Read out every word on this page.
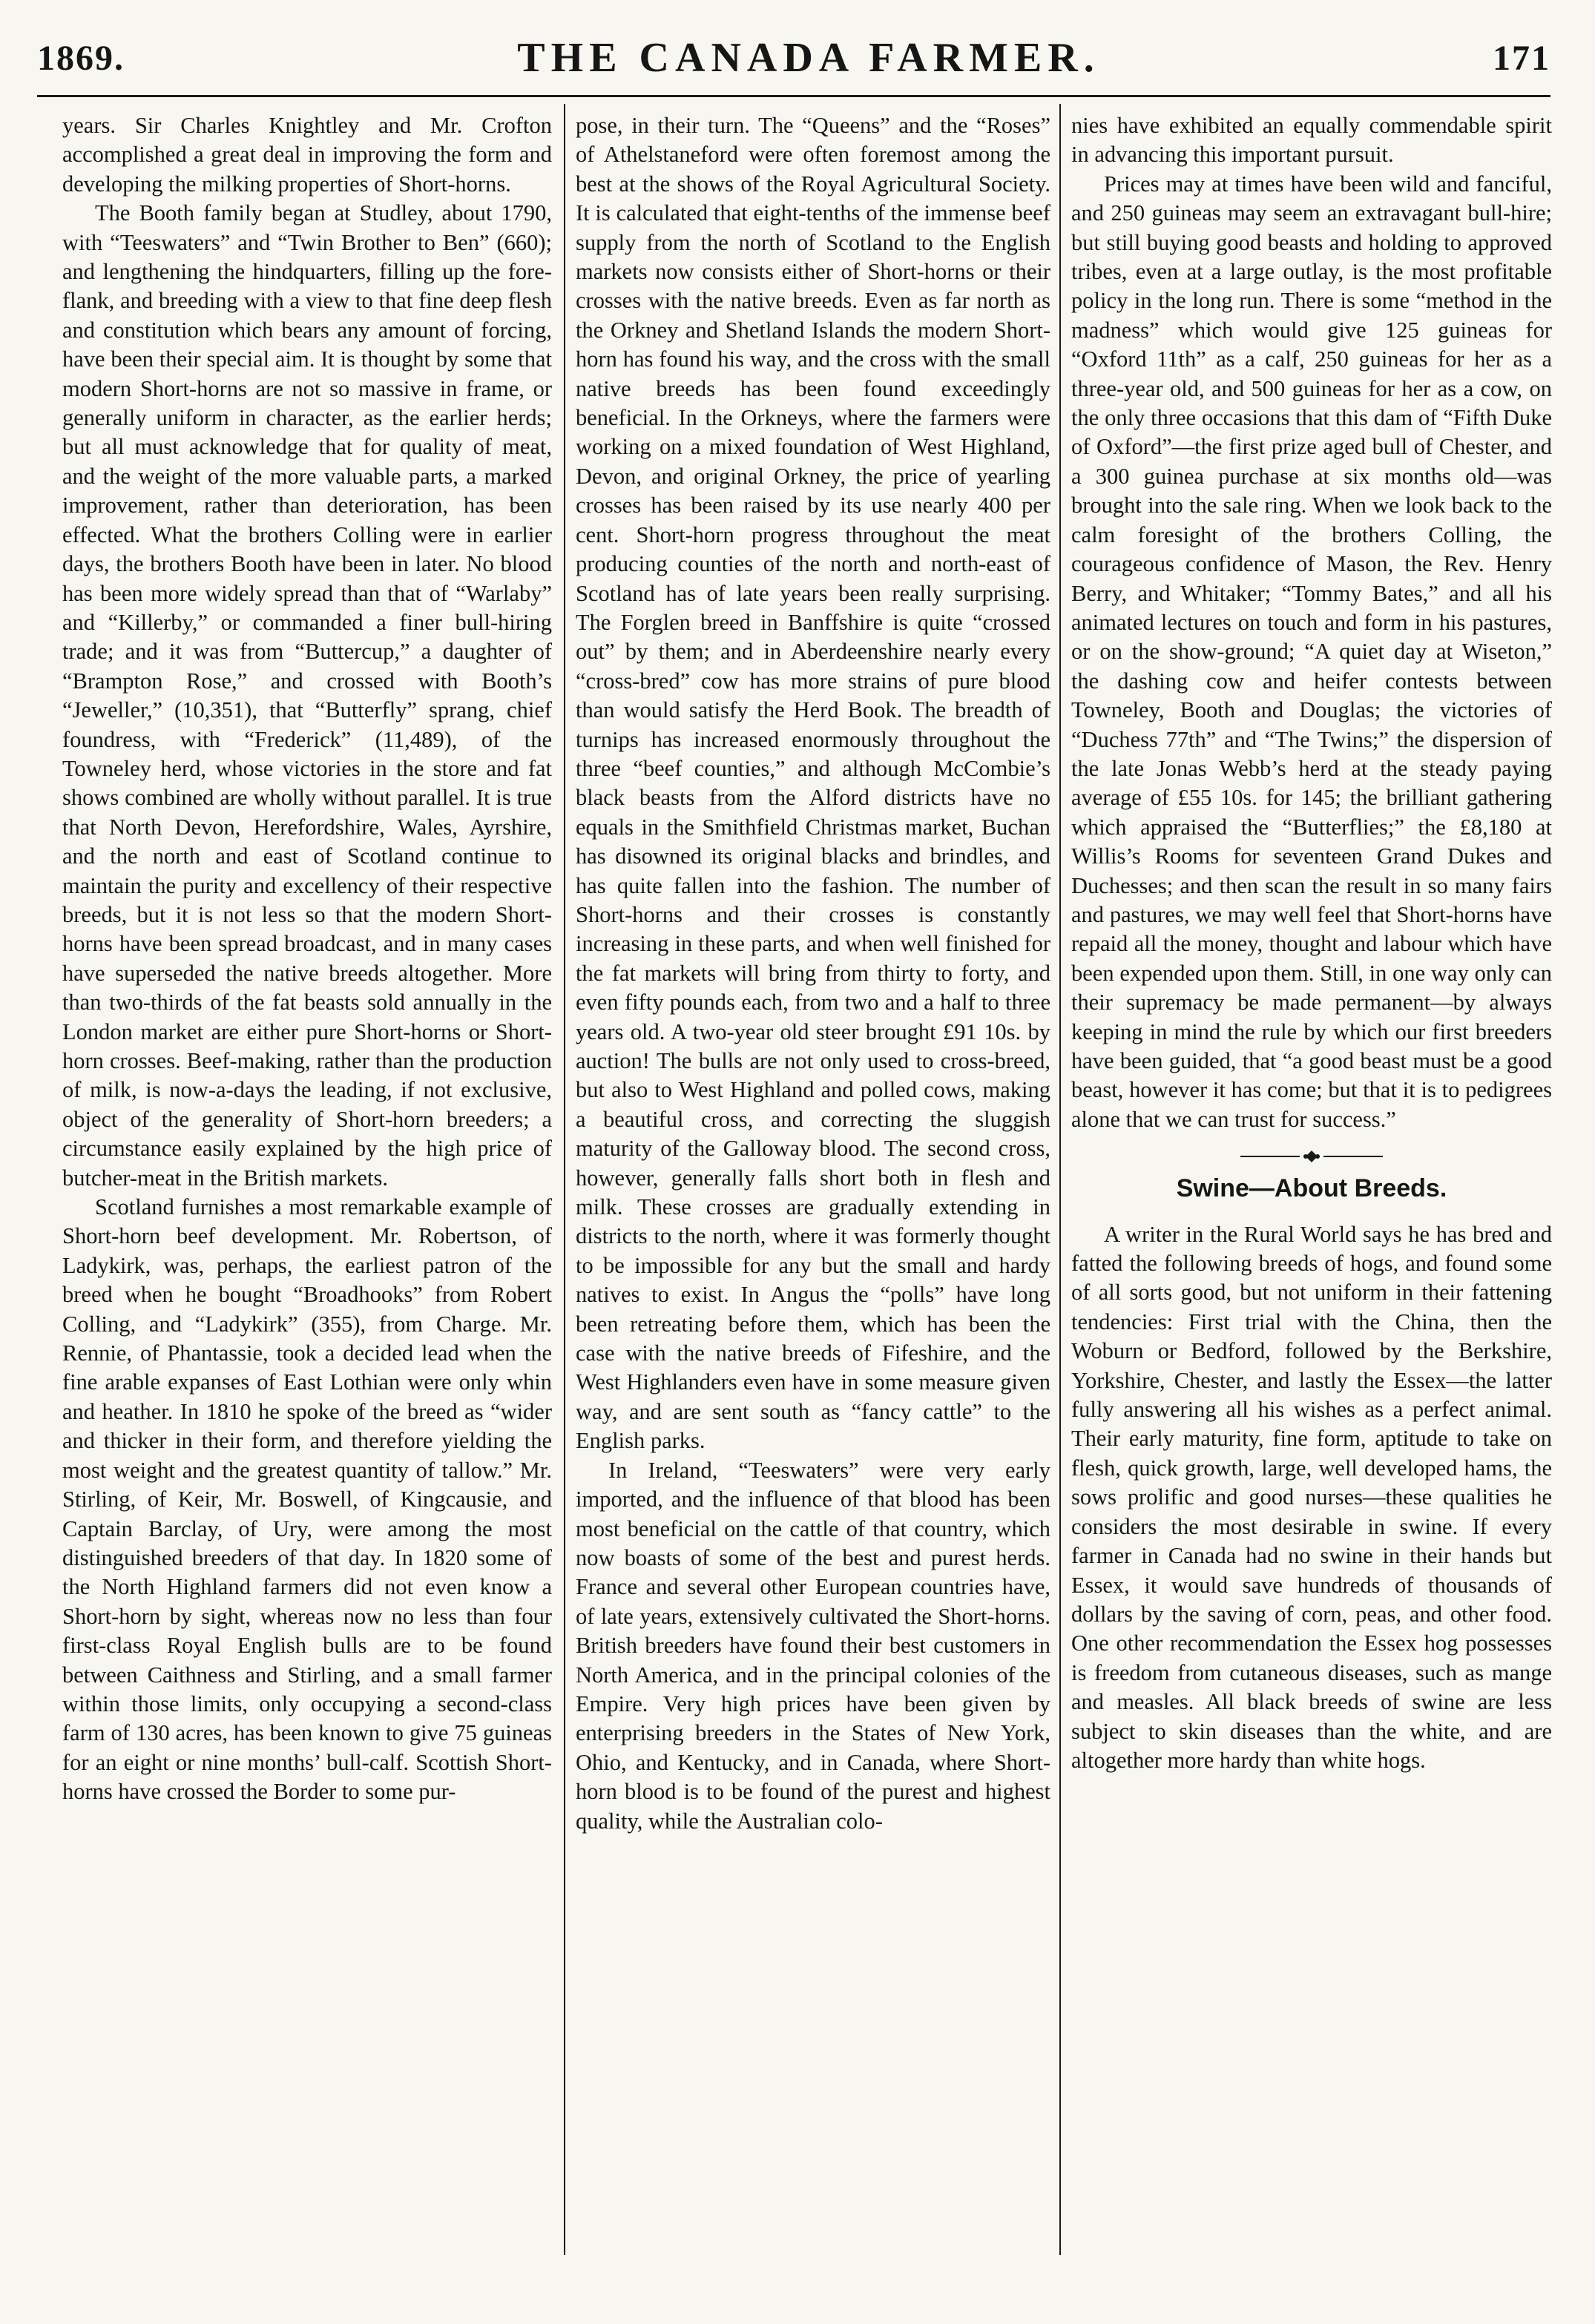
1869.	THE CANADA FARMER.	171

years. Sir Charles Knightley and Mr. Crofton accomplished a great deal in improving the form and developing the milking properties of Short-horns.

The Booth family began at Studley, about 1790, with “Teeswaters” and “Twin Brother to Ben” (660); and lengthening the hindquarters, filling up the fore-flank, and breeding with a view to that fine deep flesh and constitution which bears any amount of forcing, have been their special aim. It is thought by some that modern Short-horns are not so massive in frame, or generally uniform in character, as the earlier herds; but all must acknowledge that for quality of meat, and the weight of the more valuable parts, a marked improvement, rather than deterioration, has been effected. What the brothers Colling were in earlier days, the brothers Booth have been in later. No blood has been more widely spread than that of “Warlaby” and “Killerby,” or commanded a finer bull-hiring trade; and it was from “Buttercup,” a daughter of “Brampton Rose,” and crossed with Booth’s “Jeweller,” (10,351), that “Butterfly” sprang, chief foundress, with “Frederick” (11,489), of the Towneley herd, whose victories in the store and fat shows combined are wholly without parallel. It is true that North Devon, Herefordshire, Wales, Ayrshire, and the north and east of Scotland continue to maintain the purity and excellency of their respective breeds, but it is not less so that the modern Short-horns have been spread broadcast, and in many cases have superseded the native breeds altogether. More than two-thirds of the fat beasts sold annually in the London market are either pure Short-horns or Short-horn crosses. Beef-making, rather than the production of milk, is now-a-days the leading, if not exclusive, object of the generality of Short-horn breeders; a circumstance easily explained by the high price of butcher-meat in the British markets.

Scotland furnishes a most remarkable example of Short-horn beef development. Mr. Robertson, of Ladykirk, was, perhaps, the earliest patron of the breed when he bought “Broadhooks” from Robert Colling, and “Ladykirk” (355), from Charge. Mr. Rennie, of Phantassie, took a decided lead when the fine arable expanses of East Lothian were only whin and heather. In 1810 he spoke of the breed as “wider and thicker in their form, and therefore yielding the most weight and the greatest quantity of tallow.” Mr. Stirling, of Keir, Mr. Boswell, of Kingcausie, and Captain Barclay, of Ury, were among the most distinguished breeders of that day. In 1820 some of the North Highland farmers did not even know a Short-horn by sight, whereas now no less than four first-class Royal English bulls are to be found between Caithness and Stirling, and a small farmer within those limits, only occupying a second-class farm of 130 acres, has been known to give 75 guineas for an eight or nine months’ bull-calf. Scottish Short-horns have crossed the Border to some pur-

pose, in their turn. The “Queens” and the “Roses” of Athelstaneford were often foremost among the best at the shows of the Royal Agricultural Society. It is calculated that eight-tenths of the immense beef supply from the north of Scotland to the English markets now consists either of Short-horns or their crosses with the native breeds. Even as far north as the Orkney and Shetland Islands the modern Short-horn has found his way, and the cross with the small native breeds has been found exceedingly beneficial. In the Orkneys, where the farmers were working on a mixed foundation of West Highland, Devon, and original Orkney, the price of yearling crosses has been raised by its use nearly 400 per cent. Short-horn progress throughout the meat producing counties of the north and north-east of Scotland has of late years been really surprising. The Forglen breed in Banffshire is quite “crossed out” by them; and in Aberdeenshire nearly every “cross-bred” cow has more strains of pure blood than would satisfy the Herd Book. The breadth of turnips has increased enormously throughout the three “beef counties,” and although McCombie’s black beasts from the Alford districts have no equals in the Smithfield Christmas market, Buchan has disowned its original blacks and brindles, and has quite fallen into the fashion. The number of Short-horns and their crosses is constantly increasing in these parts, and when well finished for the fat markets will bring from thirty to forty, and even fifty pounds each, from two and a half to three years old. A two-year old steer brought £91 10s. by auction! The bulls are not only used to cross-breed, but also to West Highland and polled cows, making a beautiful cross, and correcting the sluggish maturity of the Galloway blood. The second cross, however, generally falls short both in flesh and milk. These crosses are gradually extending in districts to the north, where it was formerly thought to be impossible for any but the small and hardy natives to exist. In Angus the “polls” have long been retreating before them, which has been the case with the native breeds of Fifeshire, and the West Highlanders even have in some measure given way, and are sent south as “fancy cattle” to the English parks.

In Ireland, “Teeswaters” were very early imported, and the influence of that blood has been most beneficial on the cattle of that country, which now boasts of some of the best and purest herds. France and several other European countries have, of late years, extensively cultivated the Short-horns. British breeders have found their best customers in North America, and in the principal colonies of the Empire. Very high prices have been given by enterprising breeders in the States of New York, Ohio, and Kentucky, and in Canada, where Short-horn blood is to be found of the purest and highest quality, while the Australian colo-

nies have exhibited an equally commendable spirit in advancing this important pursuit.

Prices may at times have been wild and fanciful, and 250 guineas may seem an extravagant bull-hire; but still buying good beasts and holding to approved tribes, even at a large outlay, is the most profitable policy in the long run. There is some “method in the madness” which would give 125 guineas for “Oxford 11th” as a calf, 250 guineas for her as a three-year old, and 500 guineas for her as a cow, on the only three occasions that this dam of “Fifth Duke of Oxford”—the first prize aged bull of Chester, and a 300 guinea purchase at six months old—was brought into the sale ring. When we look back to the calm foresight of the brothers Colling, the courageous confidence of Mason, the Rev. Henry Berry, and Whitaker; “Tommy Bates,” and all his animated lectures on touch and form in his pastures, or on the show-ground; “A quiet day at Wiseton,” the dashing cow and heifer contests between Towneley, Booth and Douglas; the victories of “Duchess 77th” and “The Twins;” the dispersion of the late Jonas Webb’s herd at the steady paying average of £55 10s. for 145; the brilliant gathering which appraised the “Butterflies;” the £8,180 at Willis’s Rooms for seventeen Grand Dukes and Duchesses; and then scan the result in so many fairs and pastures, we may well feel that Short-horns have repaid all the money, thought and labour which have been expended upon them. Still, in one way only can their supremacy be made permanent—by always keeping in mind the rule by which our first breeders have been guided, that “a good beast must be a good beast, however it has come; but that it is to pedigrees alone that we can trust for success.”

Swine—About Breeds.

A writer in the Rural World says he has bred and fatted the following breeds of hogs, and found some of all sorts good, but not uniform in their fattening tendencies: First trial with the China, then the Woburn or Bedford, followed by the Berkshire, Yorkshire, Chester, and lastly the Essex—the latter fully answering all his wishes as a perfect animal. Their early maturity, fine form, aptitude to take on flesh, quick growth, large, well developed hams, the sows prolific and good nurses—these qualities he considers the most desirable in swine. If every farmer in Canada had no swine in their hands but Essex, it would save hundreds of thousands of dollars by the saving of corn, peas, and other food. One other recommendation the Essex hog possesses is freedom from cutaneous diseases, such as mange and measles. All black breeds of swine are less subject to skin diseases than the white, and are altogether more hardy than white hogs.
